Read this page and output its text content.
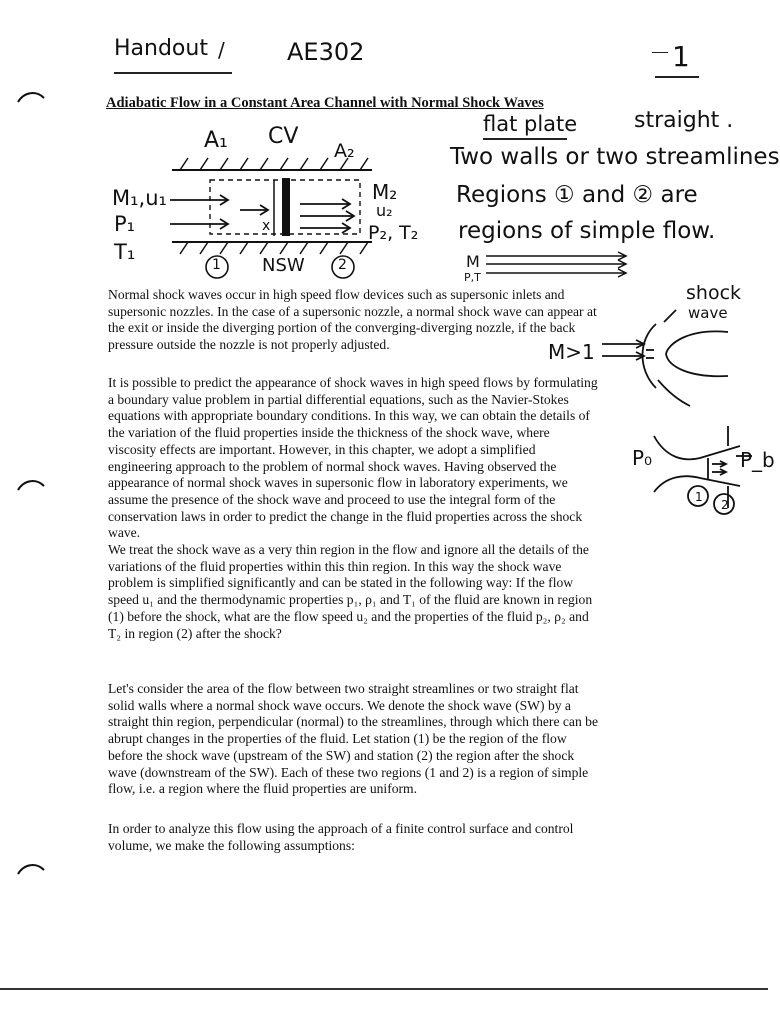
Handout /	AE302	1
Adiabatic Flow in a Constant Area Channel with Normal Shock Waves
A₁ CV
A₂
M₁,u₁
P₁
T₁
M₂
u₂
P₂, T₂
1 NSW 2
x
flat plate	straight .
Two walls or two streamlines
Regions ① and ② are
regions of simple flow.
M
P,T
shock
wave
M>1
P₀	P_b
1
2
Normal shock waves occur in high speed flow devices such as supersonic inlets and
supersonic nozzles. In the case of a supersonic nozzle, a normal shock wave can appear at
the exit or inside the diverging portion of the converging-diverging nozzle, if the back
pressure outside the nozzle is not properly adjusted.
It is possible to predict the appearance of shock waves in high speed flows by formulating
a boundary value problem in partial differential equations, such as the Navier-Stokes
equations with appropriate boundary conditions. In this way, we can obtain the details of
the variation of the fluid properties inside the thickness of the shock wave, where
viscosity effects are important. However, in this chapter, we adopt a simplified
engineering approach to the problem of normal shock waves. Having observed the
appearance of normal shock waves in supersonic flow in laboratory experiments, we
assume the presence of the shock wave and proceed to use the integral form of the
conservation laws in order to predict the change in the fluid properties across the shock
wave.
We treat the shock wave as a very thin region in the flow and ignore all the details of the
variations of the fluid properties within this thin region. In this way the shock wave
problem is simplified significantly and can be stated in the following way: If the flow
speed u₁ and the thermodynamic properties p₁, ρ₁ and T₁ of the fluid are known in region
(1) before the shock, what are the flow speed u₂ and the properties of the fluid p₂, ρ₂ and
T₂ in region (2) after the shock?
Let's consider the area of the flow between two straight streamlines or two straight flat
solid walls where a normal shock wave occurs. We denote the shock wave (SW) by a
straight thin region, perpendicular (normal) to the streamlines, through which there can be
abrupt changes in the properties of the fluid. Let station (1) be the region of the flow
before the shock wave (upstream of the SW) and station (2) the region after the shock
wave (downstream of the SW). Each of these two regions (1 and 2) is a region of simple
flow, i.e. a region where the fluid properties are uniform.
In order to analyze this flow using the approach of a finite control surface and control
volume, we make the following assumptions:
